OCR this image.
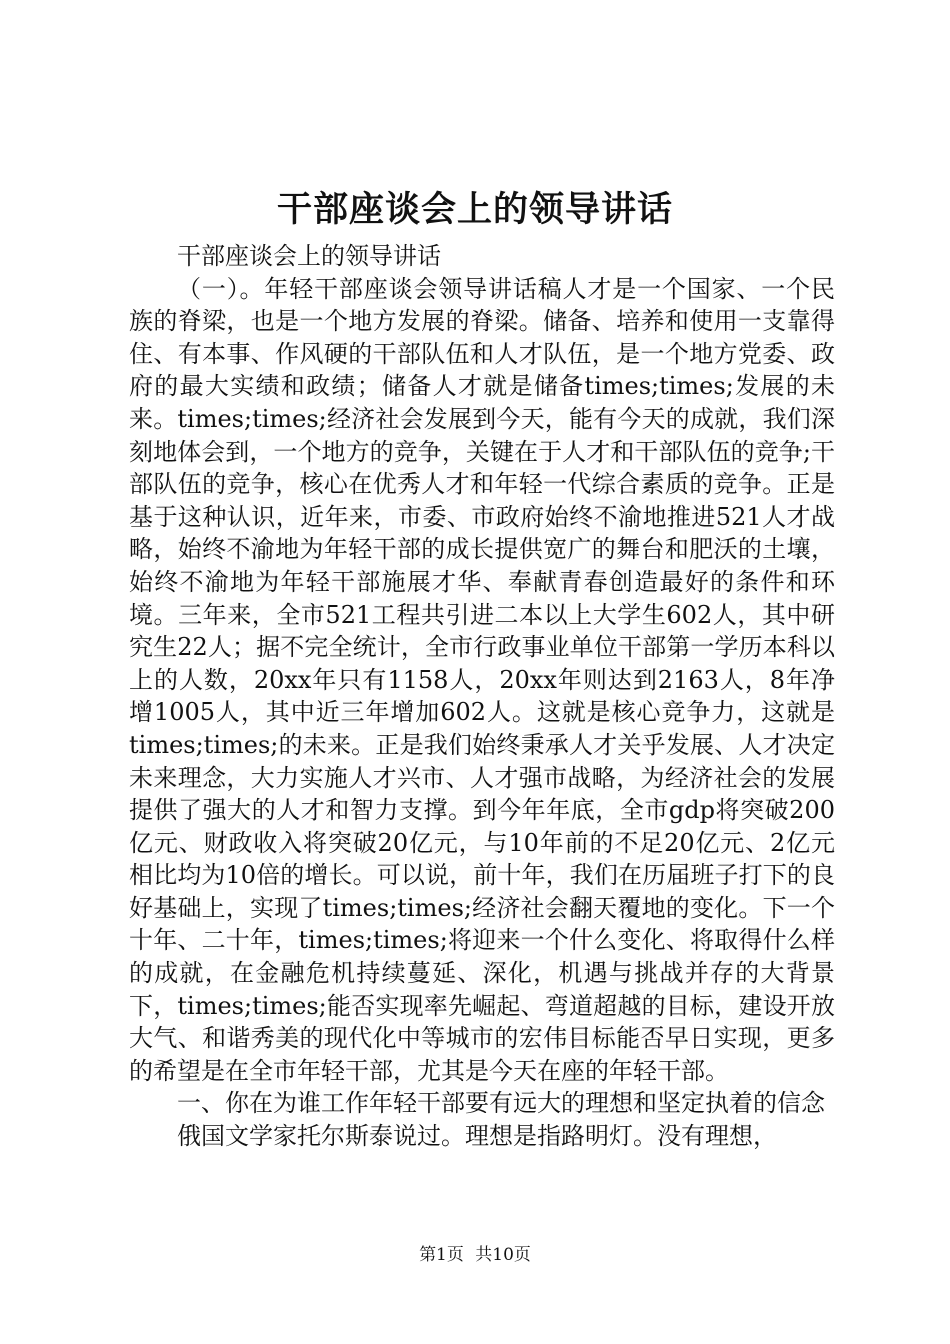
干部座谈会上的领导讲话

干部座谈会上的领导讲话

（一）。年轻干部座谈会领导讲话稿人才是一个国家、一个民族的脊梁，也是一个地方发展的脊梁。储备、培养和使用一支靠得住、有本事、作风硬的干部队伍和人才队伍，是一个地方党委、政府的最大实绩和政绩；储备人才就是储备times;times;发展的未来。times;times;经济社会发展到今天，能有今天的成就，我们深刻地体会到，一个地方的竞争，关键在于人才和干部队伍的竞争;干部队伍的竞争，核心在优秀人才和年轻一代综合素质的竞争。正是基于这种认识，近年来，市委、市政府始终不渝地推进521人才战略，始终不渝地为年轻干部的成长提供宽广的舞台和肥沃的土壤，始终不渝地为年轻干部施展才华、奉献青春创造最好的条件和环境。三年来，全市521工程共引进二本以上大学生602人，其中研究生22人；据不完全统计，全市行政事业单位干部第一学历本科以上的人数，20xx年只有1158人，20xx年则达到2163人，8年净增1005人，其中近三年增加602人。这就是核心竞争力，这就是times;times;的未来。正是我们始终秉承人才关乎发展、人才决定未来理念，大力实施人才兴市、人才强市战略，为经济社会的发展提供了强大的人才和智力支撑。到今年年底，全市gdp将突破200亿元、财政收入将突破20亿元，与10年前的不足20亿元、2亿元相比均为10倍的增长。可以说，前十年，我们在历届班子打下的良好基础上，实现了times;times;经济社会翻天覆地的变化。下一个十年、二十年，times;times;将迎来一个什么变化、将取得什么样的成就，在金融危机持续蔓延、深化，机遇与挑战并存的大背景下，times;times;能否实现率先崛起、弯道超越的目标，建设开放大气、和谐秀美的现代化中等城市的宏伟目标能否早日实现，更多的希望是在全市年轻干部，尤其是今天在座的年轻干部。

一、你在为谁工作年轻干部要有远大的理想和坚定执着的信念

俄国文学家托尔斯泰说过。理想是指路明灯。没有理想，

第1页 共10页
